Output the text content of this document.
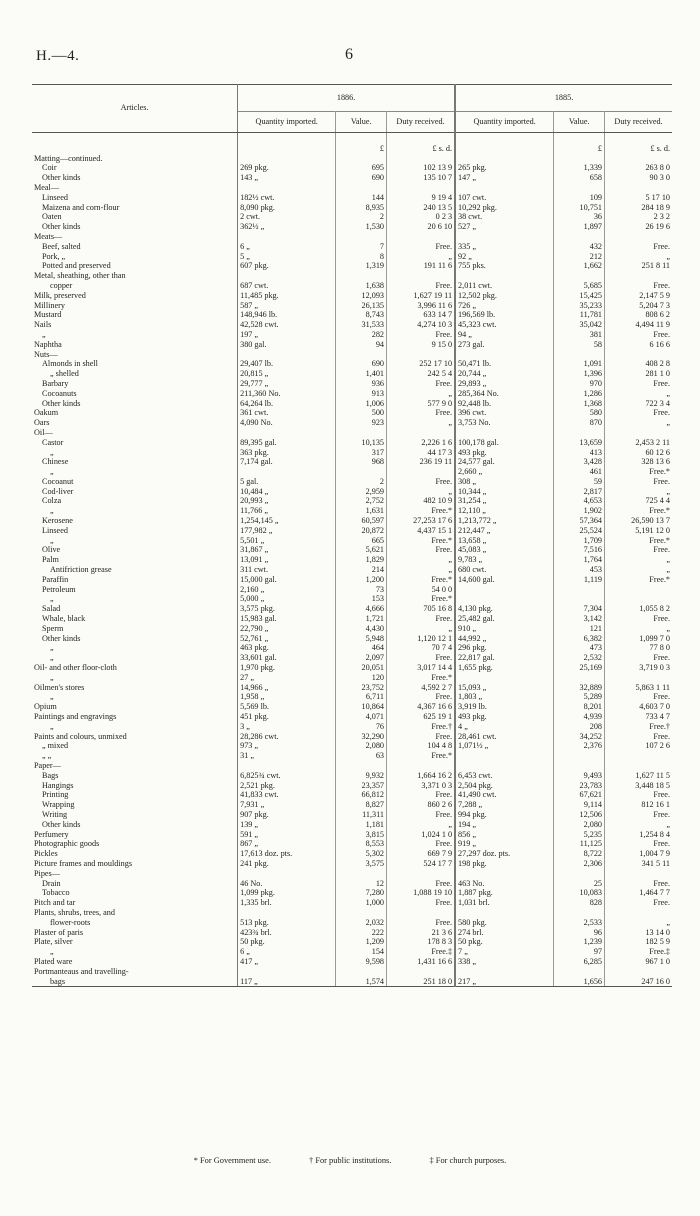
H.—4.	6
Articles.	1886.			1885.		
	Quantity imported.	Value.	Duty received.	Quantity imported.	Value.	Duty received.
		£	£ s. d.		£	£ s. d.
Matting—continued.						
Coir	269 pkg.	695	102 13 9	265 pkg.	1,339	263 8 0
Other kinds	143 „	690	135 10 7	147 „	658	90 3 0
Meal—						
Linseed	182½ cwt.	144	9 19 4	107 cwt.	109	5 17 10
Maizena and corn-flour	8,090 pkg.	8,935	240 13 5	10,292 pkg.	10,751	284 18 9
Oaten	2 cwt.	2	0 2 3	38 cwt.	36	2 3 2
Other kinds	362½ „	1,530	20 6 10	527 „	1,897	26 19 6
Meats—						
Beef, salted	6 „	7	Free.	335 „	432	Free.
Pork, „	5 „	8	„	92 „	212	„
Potted and preserved	607 pkg.	1,319	191 11 6	755 pks.	1,662	251 8 11
Metal, sheathing, other than						
copper	687 cwt.	1,638	Free.	2,011 cwt.	5,685	Free.
Milk, preserved	11,485 pkg.	12,093	1,627 19 11	12,502 pkg.	15,425	2,147 5 9
Millinery	587 „	26,135	3,996 11 6	726 „	35,233	5,204 7 3
Mustard	148,946 lb.	8,743	633 14 7	196,569 lb.	11,781	808 6 2
Nails	42,528 cwt.	31,533	4,274 10 3	45,323 cwt.	35,042	4,494 11 9
„	197 „	282	Free.	94 „	381	Free.
Naphtha	380 gal.	94	9 15 0	273 gal.	58	6 16 6
Nuts—						
Almonds in shell	29,407 lb.	690	252 17 10	50,471 lb.	1,091	408 2 8
„ shelled	20,815 „	1,401	242 5 4	20,744 „	1,396	281 1 0
Barbary	29,777 „	936	Free.	29,893 „	970	Free.
Cocoanuts	211,360 No.	913	„	285,364 No.	1,286	„
Other kinds	64,264 lb.	1,006	577 9 0	92,448 lb.	1,368	722 3 4
Oakum	361 cwt.	500	Free.	396 cwt.	580	Free.
Oars	4,090 No.	923	„	3,753 No.	870	„
Oil—						
Castor	89,395 gal.	10,135	2,226 1 6	100,178 gal.	13,659	2,453 2 11
„	363 pkg.	317	44 17 3	493 pkg.	413	60 12 6
Chinese	7,174 gal.	968	236 19 11	24,577 gal.	3,428	328 13 6
„				2,660 „	461	Free.*
Cocoanut	5 gal.	2	Free.	308 „	59	Free.
Cod-liver	10,484 „	2,959	„	10,344 „	2,817	„
Colza	20,993 „	2,752	482 10 9	31,254 „	4,653	725 4 4
„	11,766 „	1,631	Free.*	12,110 „	1,902	Free.*
Kerosene	1,254,145 „	60,597	27,253 17 6	1,213,772 „	57,364	26,590 13 7
Linseed	177,982 „	20,872	4,437 15 1	212,447 „	25,524	5,191 12 0
„	5,501 „	665	Free.*	13,658 „	1,709	Free.*
Olive	31,867 „	5,621	Free.	45,083 „	7,516	Free.
Palm	13,091 „	1,829	„	9,783 „	1,764	„
Antifriction grease	311 cwt.	214	„	680 cwt.	453	„
Paraffin	15,000 gal.	1,200	Free.*	14,600 gal.	1,119	Free.*
Petroleum	2,160 „	73	54 0 0			
„	5,000 „	153	Free.*			
Salad	3,575 pkg.	4,666	705 16 8	4,130 pkg.	7,304	1,055 8 2
Whale, black	15,983 gal.	1,721	Free.	25,482 gal.	3,142	Free.
Sperm	22,790 „	4,430	„	910 „	121	„
Other kinds	52,761 „	5,948	1,120 12 1	44,992 „	6,382	1,099 7 0
„	463 pkg.	464	70 7 4	296 pkg.	473	77 8 0
„	33,601 gal.	2,097	Free.	22,817 gal.	2,532	Free.
Oil- and other floor-cloth	1,970 pkg.	20,051	3,017 14 4	1,655 pkg.	25,169	3,719 0 3
„	27 „	120	Free.*			
Oilmen's stores	14,966 „	23,752	4,592 2 7	15,093 „	32,889	5,863 1 11
„	1,958 „	6,711	Free.	1,803 „	5,289	Free.
Opium	5,569 lb.	10,864	4,367 16 6	3,919 lb.	8,201	4,603 7 0
Paintings and engravings	451 pkg.	4,071	625 19 1	493 pkg.	4,939	733 4 7
„	3 „	76	Free.†	4 „	208	Free.†
Paints and colours, unmixed	28,286 cwt.	32,290	Free.	28,461 cwt.	34,252	Free.
„ mixed	973 „	2,080	104 4 8	1,071½ „	2,376	107 2 6
„ „	31 „	63	Free.*			
Paper—						
Bags	6,825¾ cwt.	9,932	1,664 16 2	6,453 cwt.	9,493	1,627 11 5
Hangings	2,521 pkg.	23,357	3,371 0 3	2,504 pkg.	23,783	3,448 18 5
Printing	41,833 cwt.	66,812	Free.	41,490 cwt.	67,621	Free.
Wrapping	7,931 „	8,827	860 2 6	7,288 „	9,114	812 16 1
Writing	907 pkg.	11,311	Free.	994 pkg.	12,506	Free.
Other kinds	139 „	1,181	„	194 „	2,080	„
Perfumery	591 „	3,815	1,024 1 0	856 „	5,235	1,254 8 4
Photographic goods	867 „	8,553	Free.	919 „	11,125	Free.
Pickles	17,613 doz. pts.	5,302	669 7 9	27,297 doz. pts.	8,722	1,004 7 9
Picture frames and mouldings	241 pkg.	3,575	524 17 7	198 pkg.	2,306	341 5 11
Pipes—						
Drain	46 No.	12	Free.	463 No.	25	Free.
Tobacco	1,099 pkg.	7,280	1,088 19 10	1,887 pkg.	10,083	1,464 7 7
Pitch and tar	1,335 brl.	1,000	Free.	1,031 brl.	828	Free.
Plants, shrubs, trees, and						
flower-roots	513 pkg.	2,032	Free.	580 pkg.	2,533	„
Plaster of paris	423¾ brl.	222	21 3 6	274 brl.	96	13 14 0
Plate, silver	50 pkg.	1,209	178 8 3	50 pkg.	1,239	182 5 9
„	6 „	154	Free.‡	7 „	97	Free.‡
Plated ware	417 „	9,598	1,431 16 6	338 „	6,285	967 1 0
Portmanteaus and travelling-						
bags	117 „	1,574	251 18 0	217 „	1,656	247 16 0
* For Government use.	† For public institutions.	‡ For church purposes.
